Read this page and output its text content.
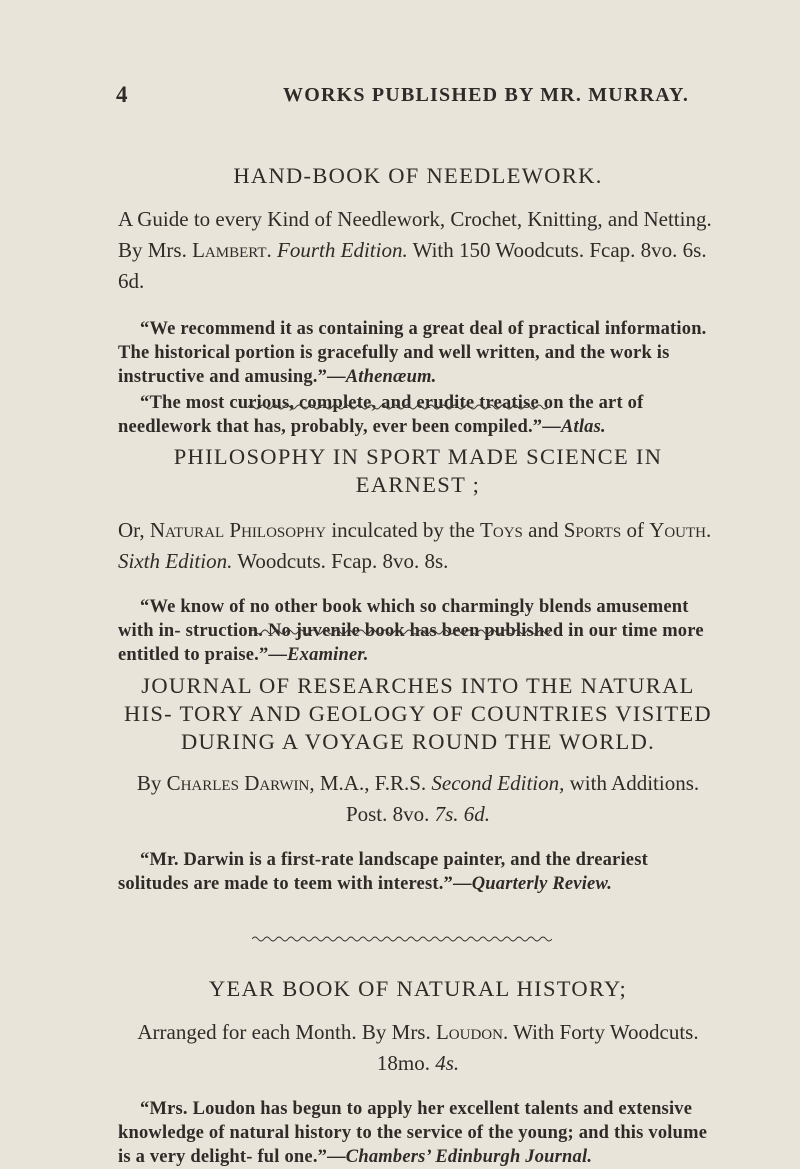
4	WORKS PUBLISHED BY MR. MURRAY.
HAND-BOOK OF NEEDLEWORK.

A Guide to every Kind of Needlework, Crochet, Knitting, and Netting. By Mrs. Lambert. Fourth Edition. With 150 Woodcuts. Fcap. 8vo. 6s. 6d.

“We recommend it as containing a great deal of practical information. The historical portion is gracefully and well written, and the work is instructive and amusing.”—Athenæum.

“The most curious, complete, and erudite treatise on the art of needlework that has, probably, ever been compiled.”—Atlas.

PHILOSOPHY IN SPORT MADE SCIENCE IN EARNEST ;

Or, Natural Philosophy inculcated by the Toys and Sports of Youth. Sixth Edition. Woodcuts. Fcap. 8vo. 8s.

“We know of no other book which so charmingly blends amusement with in- struction. No juvenile book has been published in our time more entitled to praise.”—Examiner.

JOURNAL OF RESEARCHES INTO THE NATURAL HIS- TORY AND GEOLOGY OF COUNTRIES VISITED DURING A VOYAGE ROUND THE WORLD.

By Charles Darwin, M.A., F.R.S. Second Edition, with Additions.
Post. 8vo. 7s. 6d.

“Mr. Darwin is a first-rate landscape painter, and the dreariest solitudes are made to teem with interest.”—Quarterly Review.

YEAR BOOK OF NATURAL HISTORY;

Arranged for each Month. By Mrs. Loudon. With Forty Woodcuts.
18mo. 4s.

“Mrs. Loudon has begun to apply her excellent talents and extensive knowledge of natural history to the service of the young; and this volume is a very delight- ful one.”—Chambers’ Edinburgh Journal.
